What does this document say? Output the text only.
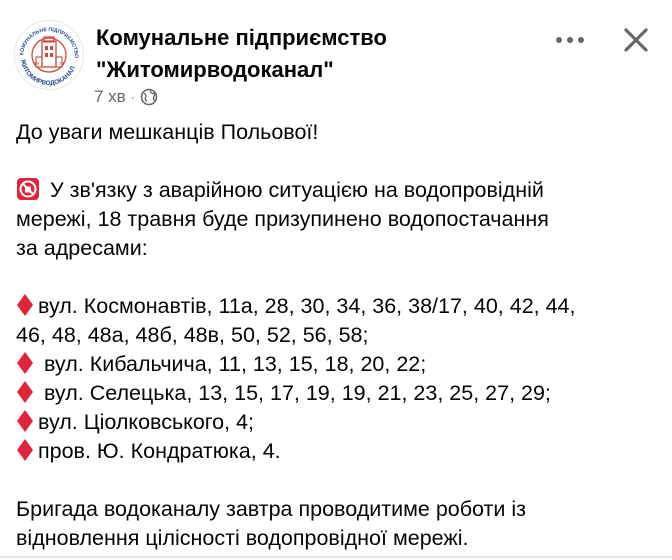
КОМУНАЛЬНЕ ПІДПРИЄМСТВО
ЖИТОМИРВОДОКАНАЛ
19	79
Комунальне підприємство
"Житомирводоканал"
7 хв ·

До уваги мешканців Польової!

У зв'язку з аварійною ситуацією на водопровідній
мережі, 18 травня буде призупинено водопостачання
за адресами:

вул. Космонавтів, 11а, 28, 30, 34, 36, 38/17, 40, 42, 44,
46, 48, 48а, 48б, 48в, 50, 52, 56, 58;
вул. Кибальчича, 11, 13, 15, 18, 20, 22;
вул. Селецька, 13, 15, 17, 19, 19, 21, 23, 25, 27, 29;
вул. Ціолковського, 4;
пров. Ю. Кондратюка, 4.

Бригада водоканалу завтра проводитиме роботи із
відновлення цілісності водопровідної мережі.
